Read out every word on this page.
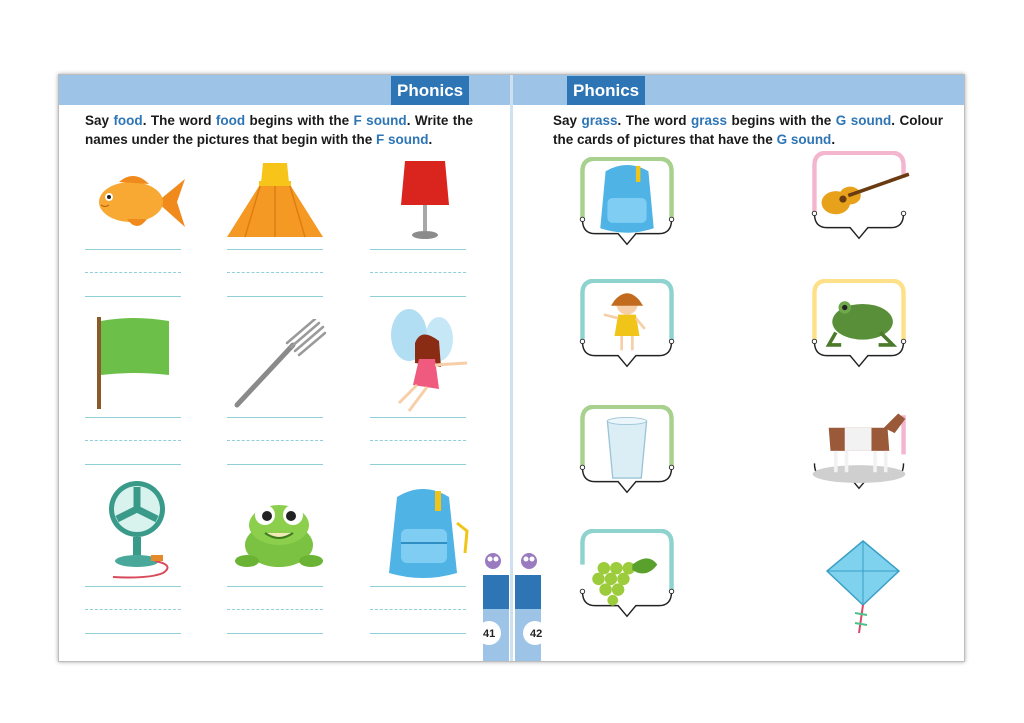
Phonics	Phonics
Say food. The word food begins with the F sound. Write the names under the pictures that begin with the F sound.
Say grass. The word grass begins with the G sound. Colour the cards of pictures that have the G sound.
41	42
